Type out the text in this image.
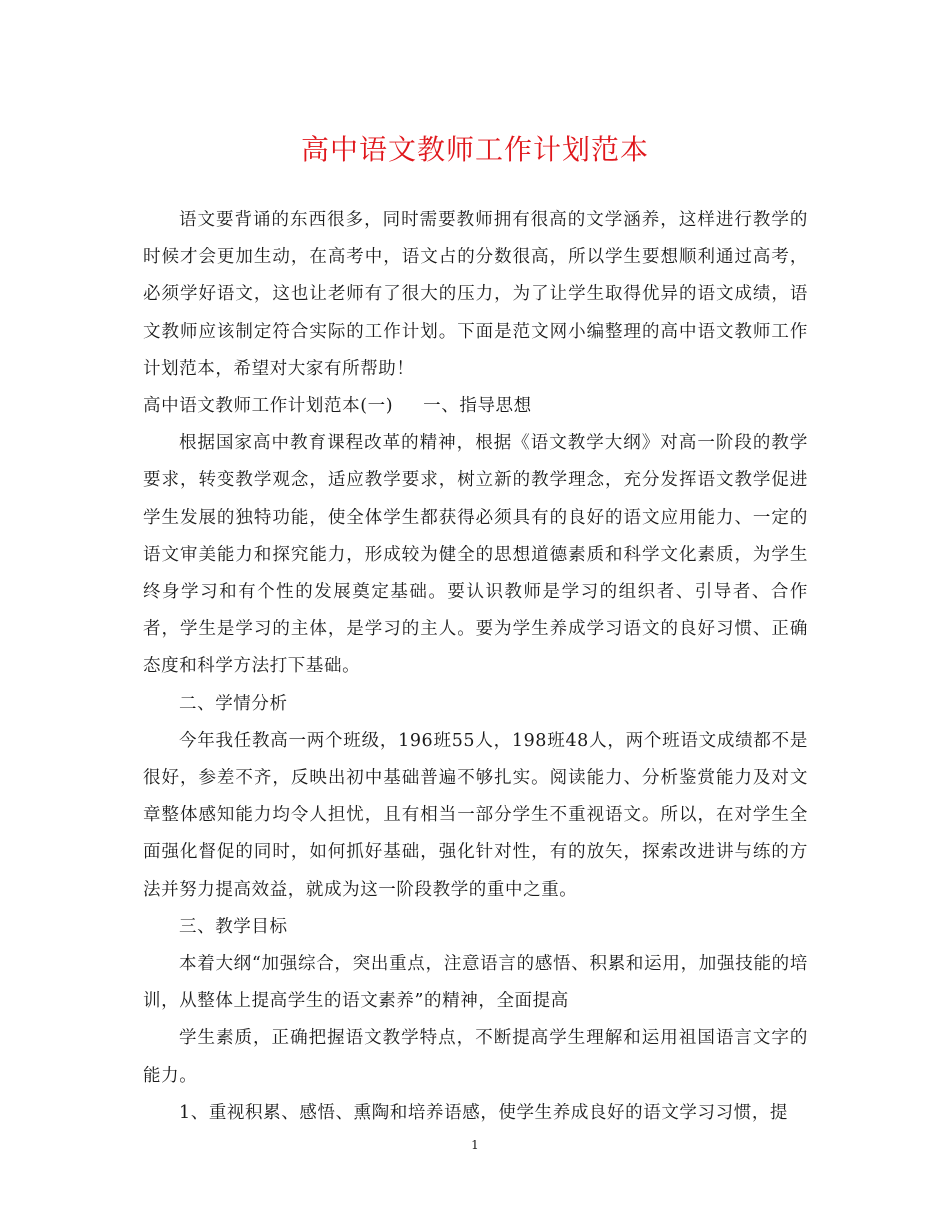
高中语文教师工作计划范本

语文要背诵的东西很多，同时需要教师拥有很高的文学涵养，这样进行教学的时候才会更加生动，在高考中，语文占的分数很高，所以学生要想顺利通过高考，必须学好语文，这也让老师有了很大的压力，为了让学生取得优异的语文成绩，语文教师应该制定符合实际的工作计划。下面是范文网小编整理的高中语文教师工作计划范本，希望对大家有所帮助！

高中语文教师工作计划范本(一) 一、指导思想

根据国家高中教育课程改革的精神，根据《语文教学大纲》对高一阶段的教学要求，转变教学观念，适应教学要求，树立新的教学理念，充分发挥语文教学促进学生发展的独特功能，使全体学生都获得必须具有的良好的语文应用能力、一定的语文审美能力和探究能力，形成较为健全的思想道德素质和科学文化素质，为学生终身学习和有个性的发展奠定基础。要认识教师是学习的组织者、引导者、合作者，学生是学习的主体，是学习的主人。要为学生养成学习语文的良好习惯、正确态度和科学方法打下基础。

二、学情分析

今年我任教高一两个班级，196班55人，198班48人，两个班语文成绩都不是很好，参差不齐，反映出初中基础普遍不够扎实。阅读能力、分析鉴赏能力及对文章整体感知能力均令人担忧，且有相当一部分学生不重视语文。所以，在对学生全面强化督促的同时，如何抓好基础，强化针对性，有的放矢，探索改进讲与练的方法并努力提高效益，就成为这一阶段教学的重中之重。

三、教学目标

本着大纲“加强综合，突出重点，注意语言的感悟、积累和运用，加强技能的培训，从整体上提高学生的语文素养”的精神，全面提高

学生素质，正确把握语文教学特点，不断提高学生理解和运用祖国语言文字的能力。

1、重视积累、感悟、熏陶和培养语感，使学生养成良好的语文学习习惯，提

1
